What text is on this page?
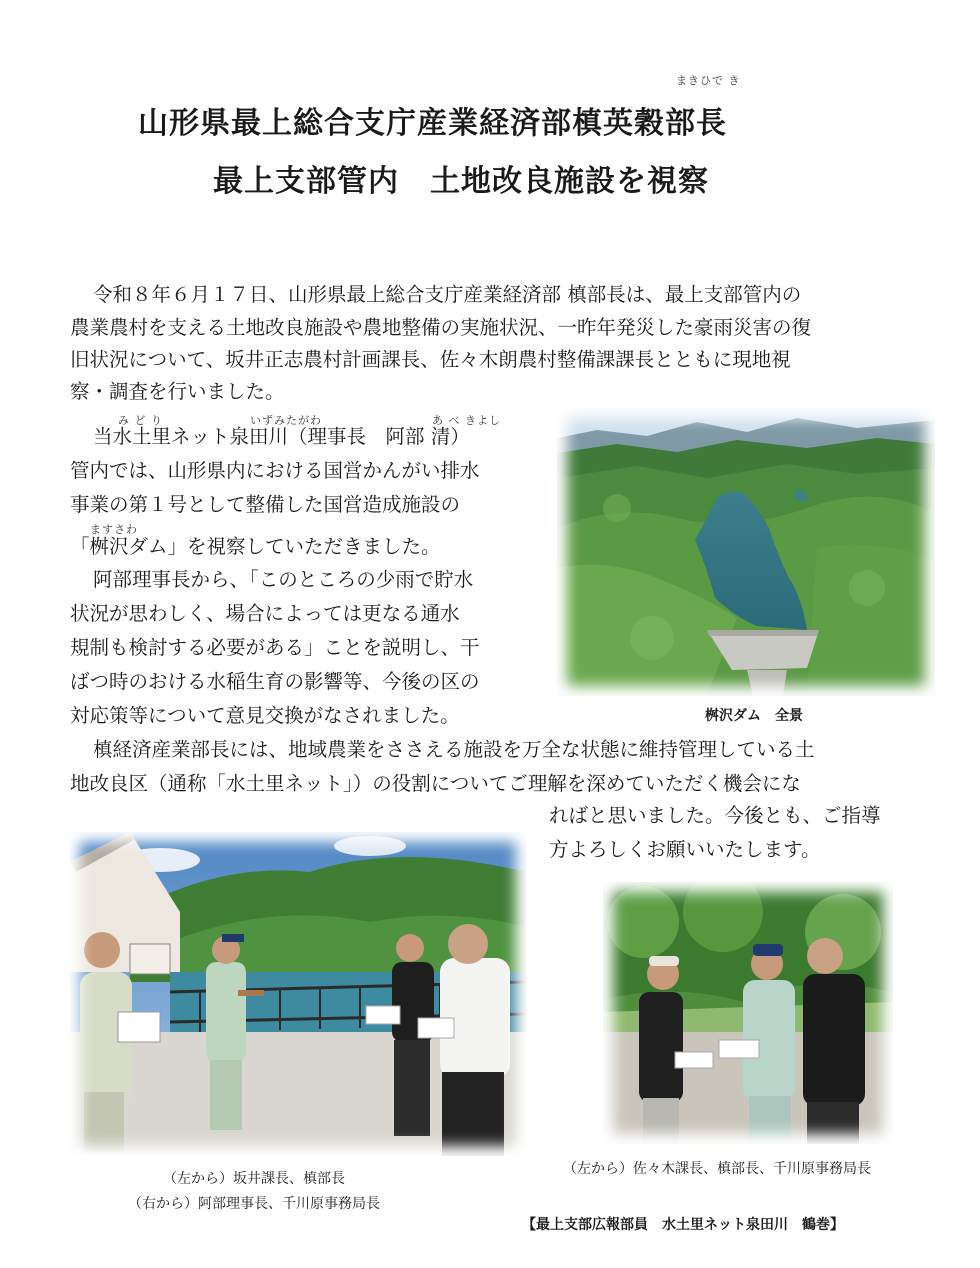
まきひで き
山形県最上総合支庁産業経済部槙英穀部長
最上支部管内　土地改良施設を視察
令和８年６月１７日、山形県最上総合支庁産業経済部 槙部長は、最上支部管内の
農業農村を支える土地改良施設や農地整備の実施状況、一昨年発災した豪雨災害の復
旧状況について、坂井正志農村計画課長、佐々木朗農村整備課課長とともに現地視
察・調査を行いました。
み ど り	いずみたがわ	あ べ きよし
ますさわ
当水土里ネット泉田川（理事長　阿部 清）
管内では、山形県内における国営かんがい排水
事業の第１号として整備した国営造成施設の
「桝沢ダム」を視察していただきました。
阿部理事長から、「このところの少雨で貯水
状況が思わしく、場合によっては更なる通水
規制も検討する必要がある」ことを説明し、干
ばつ時のおける水稲生育の影響等、今後の区の
対応策等について意見交換がなされました。
槙経済産業部長には、地域農業をささえる施設を万全な状態に維持管理している土
地改良区（通称「水土里ネット」）の役割についてご理解を深めていただく機会にな
ればと思いました。今後とも、ご指導
方よろしくお願いいたします。
桝沢ダム　全景
（左から）坂井課長、槙部長
（右から）阿部理事長、千川原事務局長
（左から）佐々木課長、槙部長、千川原事務局長
【最上支部広報部員　水土里ネット泉田川　鶴巻】
